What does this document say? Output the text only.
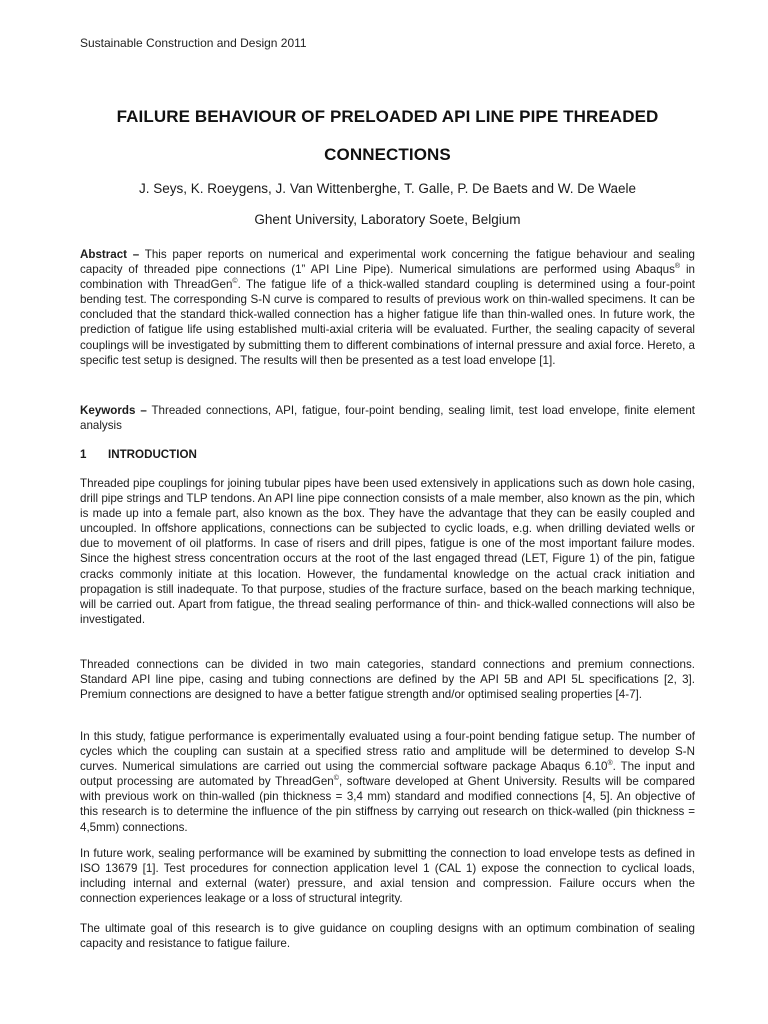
Sustainable Construction and Design 2011
FAILURE BEHAVIOUR OF PRELOADED API LINE PIPE THREADED CONNECTIONS
J. Seys, K. Roeygens, J. Van Wittenberghe, T. Galle, P. De Baets and W. De Waele
Ghent University, Laboratory Soete, Belgium
Abstract – This paper reports on numerical and experimental work concerning the fatigue behaviour and sealing capacity of threaded pipe connections (1” API Line Pipe). Numerical simulations are performed using Abaqus® in combination with ThreadGen©. The fatigue life of a thick-walled standard coupling is determined using a four-point bending test. The corresponding S-N curve is compared to results of previous work on thin-walled specimens. It can be concluded that the standard thick-walled connection has a higher fatigue life than thin-walled ones. In future work, the prediction of fatigue life using established multi-axial criteria will be evaluated. Further, the sealing capacity of several couplings will be investigated by submitting them to different combinations of internal pressure and axial force. Hereto, a specific test setup is designed. The results will then be presented as a test load envelope [1].
Keywords – Threaded connections, API, fatigue, four-point bending, sealing limit, test load envelope, finite element analysis
1 INTRODUCTION
Threaded pipe couplings for joining tubular pipes have been used extensively in applications such as down hole casing, drill pipe strings and TLP tendons. An API line pipe connection consists of a male member, also known as the pin, which is made up into a female part, also known as the box. They have the advantage that they can be easily coupled and uncoupled. In offshore applications, connections can be subjected to cyclic loads, e.g. when drilling deviated wells or due to movement of oil platforms. In case of risers and drill pipes, fatigue is one of the most important failure modes. Since the highest stress concentration occurs at the root of the last engaged thread (LET, Figure 1) of the pin, fatigue cracks commonly initiate at this location. However, the fundamental knowledge on the actual crack initiation and propagation is still inadequate. To that purpose, studies of the fracture surface, based on the beach marking technique, will be carried out. Apart from fatigue, the thread sealing performance of thin- and thick-walled connections will also be investigated.
Threaded connections can be divided in two main categories, standard connections and premium connections. Standard API line pipe, casing and tubing connections are defined by the API 5B and API 5L specifications [2, 3]. Premium connections are designed to have a better fatigue strength and/or optimised sealing properties [4-7].
In this study, fatigue performance is experimentally evaluated using a four-point bending fatigue setup. The number of cycles which the coupling can sustain at a specified stress ratio and amplitude will be determined to develop S-N curves. Numerical simulations are carried out using the commercial software package Abaqus 6.10®. The input and output processing are automated by ThreadGen©, software developed at Ghent University. Results will be compared with previous work on thin-walled (pin thickness = 3,4 mm) standard and modified connections [4, 5]. An objective of this research is to determine the influence of the pin stiffness by carrying out research on thick-walled (pin thickness = 4,5mm) connections.
In future work, sealing performance will be examined by submitting the connection to load envelope tests as defined in ISO 13679 [1]. Test procedures for connection application level 1 (CAL 1) expose the connection to cyclical loads, including internal and external (water) pressure, and axial tension and compression. Failure occurs when the connection experiences leakage or a loss of structural integrity.
The ultimate goal of this research is to give guidance on coupling designs with an optimum combination of sealing capacity and resistance to fatigue failure.
